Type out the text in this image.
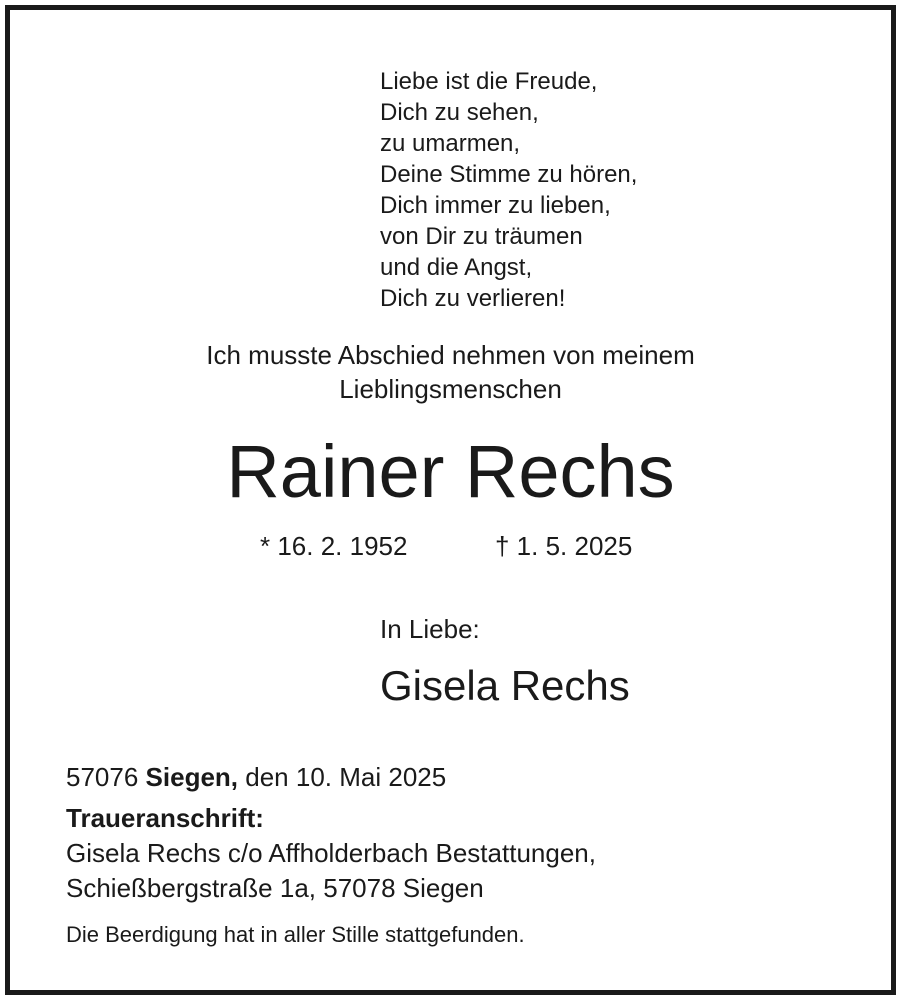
Liebe ist die Freude,
Dich zu sehen,
zu umarmen,
Deine Stimme zu hören,
Dich immer zu lieben,
von Dir zu träumen
und die Angst,
Dich zu verlieren!
Ich musste Abschied nehmen von meinem
Lieblingsmenschen
Rainer Rechs
* 16. 2. 1952	† 1. 5. 2025
In Liebe:
Gisela Rechs
57076 Siegen, den 10. Mai 2025
Traueranschrift:
Gisela Rechs c/o Affholderbach Bestattungen,
Schießbergstraße 1a, 57078 Siegen
Die Beerdigung hat in aller Stille stattgefunden.
